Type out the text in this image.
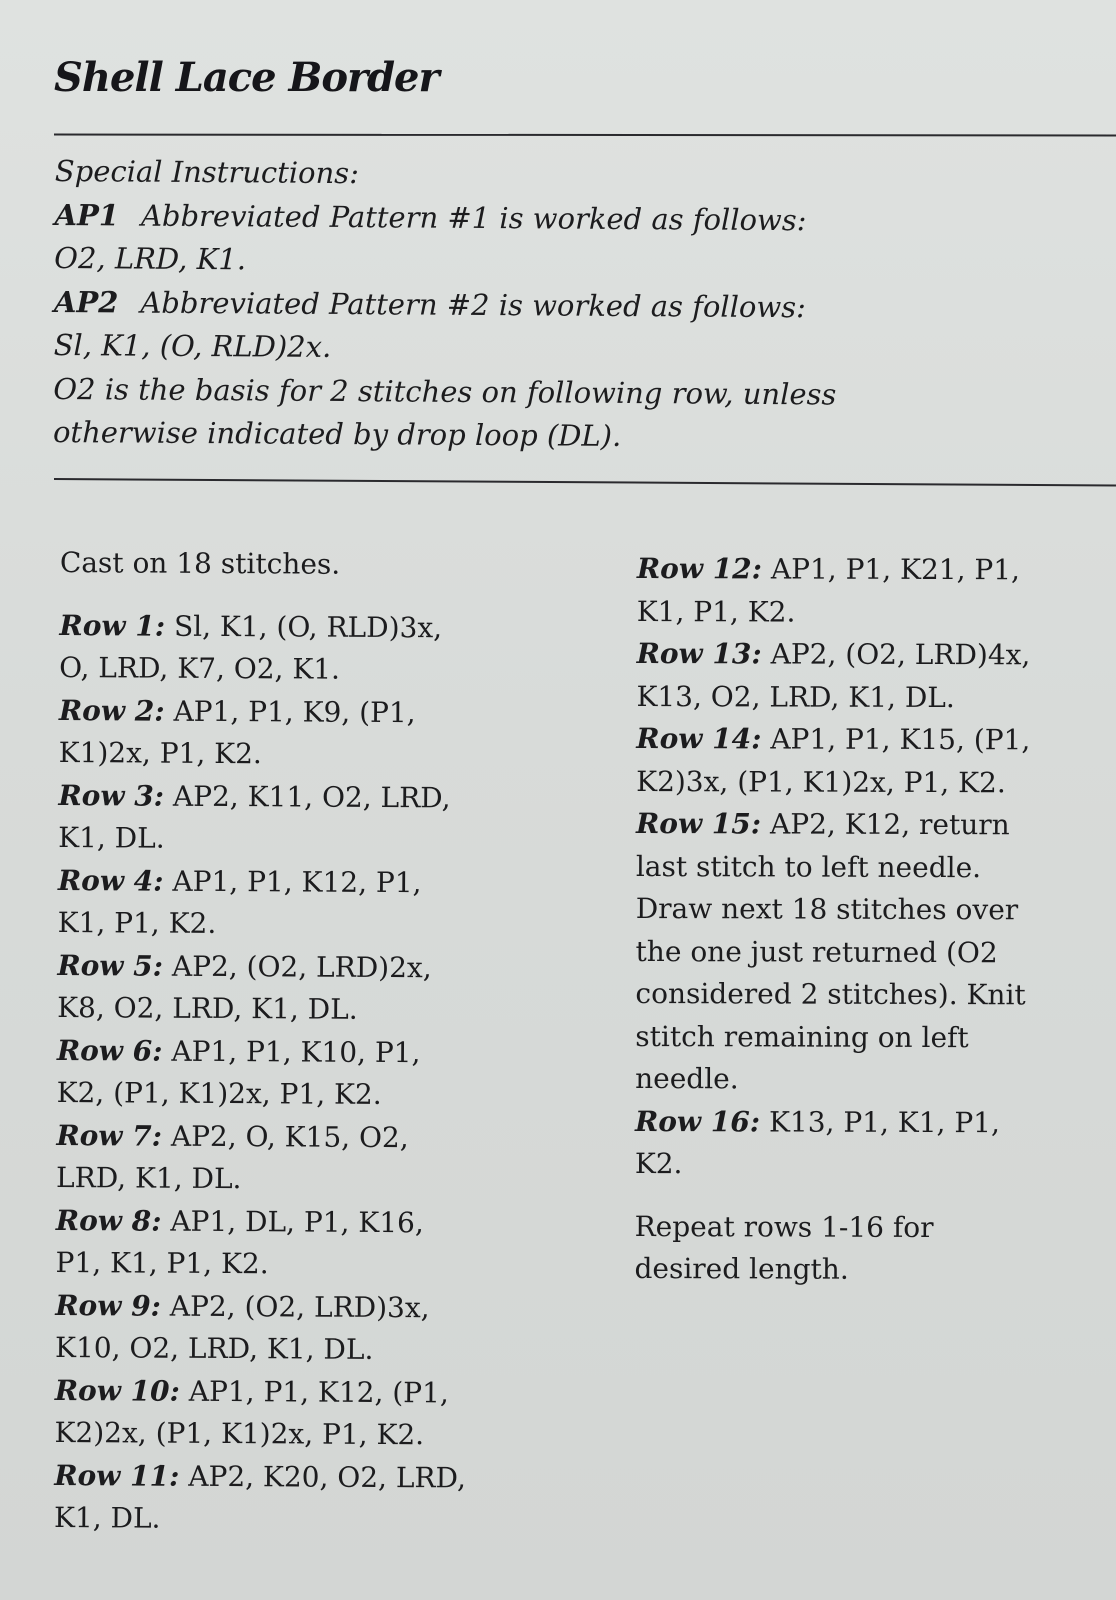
Shell Lace Border
Special Instructions:
AP1 Abbreviated Pattern #1 is worked as follows:
O2, LRD, K1.
AP2 Abbreviated Pattern #2 is worked as follows:
Sl, K1, (O, RLD)2x.
O2 is the basis for 2 stitches on following row, unless
otherwise indicated by drop loop (DL).

Cast on 18 stitches.

Row 1: Sl, K1, (O, RLD)3x,
O, LRD, K7, O2, K1.
Row 2: AP1, P1, K9, (P1,
K1)2x, P1, K2.
Row 3: AP2, K11, O2, LRD,
K1, DL.
Row 4: AP1, P1, K12, P1,
K1, P1, K2.
Row 5: AP2, (O2, LRD)2x,
K8, O2, LRD, K1, DL.
Row 6: AP1, P1, K10, P1,
K2, (P1, K1)2x, P1, K2.
Row 7: AP2, O, K15, O2,
LRD, K1, DL.
Row 8: AP1, DL, P1, K16,
P1, K1, P1, K2.
Row 9: AP2, (O2, LRD)3x,
K10, O2, LRD, K1, DL.
Row 10: AP1, P1, K12, (P1,
K2)2x, (P1, K1)2x, P1, K2.
Row 11: AP2, K20, O2, LRD,
K1, DL.
Row 12: AP1, P1, K21, P1,
K1, P1, K2.
Row 13: AP2, (O2, LRD)4x,
K13, O2, LRD, K1, DL.
Row 14: AP1, P1, K15, (P1,
K2)3x, (P1, K1)2x, P1, K2.
Row 15: AP2, K12, return
last stitch to left needle.
Draw next 18 stitches over
the one just returned (O2
considered 2 stitches). Knit
stitch remaining on left
needle.
Row 16: K13, P1, K1, P1,
K2.
Repeat rows 1-16 for
desired length.
